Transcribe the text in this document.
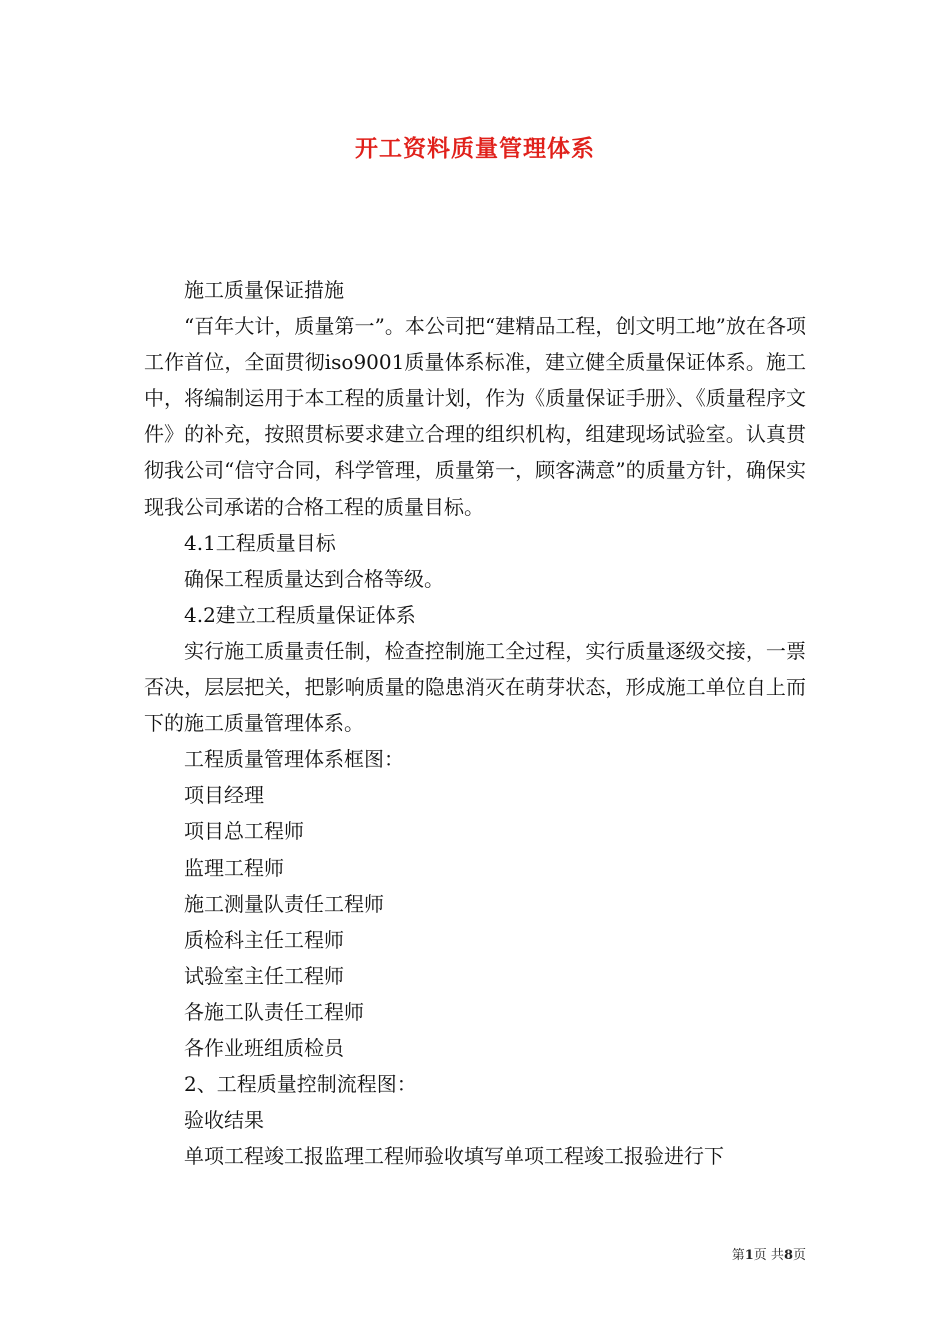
开工资料质量管理体系

施工质量保证措施

“百年大计，质量第一”。本公司把“建精品工程，创文明工地”放在各项工作首位，全面贯彻iso9001质量体系标准，建立健全质量保证体系。施工中，将编制运用于本工程的质量计划，作为《质量保证手册》、《质量程序文件》的补充，按照贯标要求建立合理的组织机构，组建现场试验室。认真贯彻我公司“信守合同，科学管理，质量第一，顾客满意”的质量方针，确保实现我公司承诺的合格工程的质量目标。

4.1工程质量目标

确保工程质量达到合格等级。

4.2建立工程质量保证体系

实行施工质量责任制，检查控制施工全过程，实行质量逐级交接，一票否决，层层把关，把影响质量的隐患消灭在萌芽状态，形成施工单位自上而下的施工质量管理体系。

工程质量管理体系框图：

项目经理

项目总工程师

监理工程师

施工测量队责任工程师

质检科主任工程师

试验室主任工程师

各施工队责任工程师

各作业班组质检员

2、工程质量控制流程图：

验收结果

单项工程竣工报监理工程师验收填写单项工程竣工报验进行下

第1页 共8页
